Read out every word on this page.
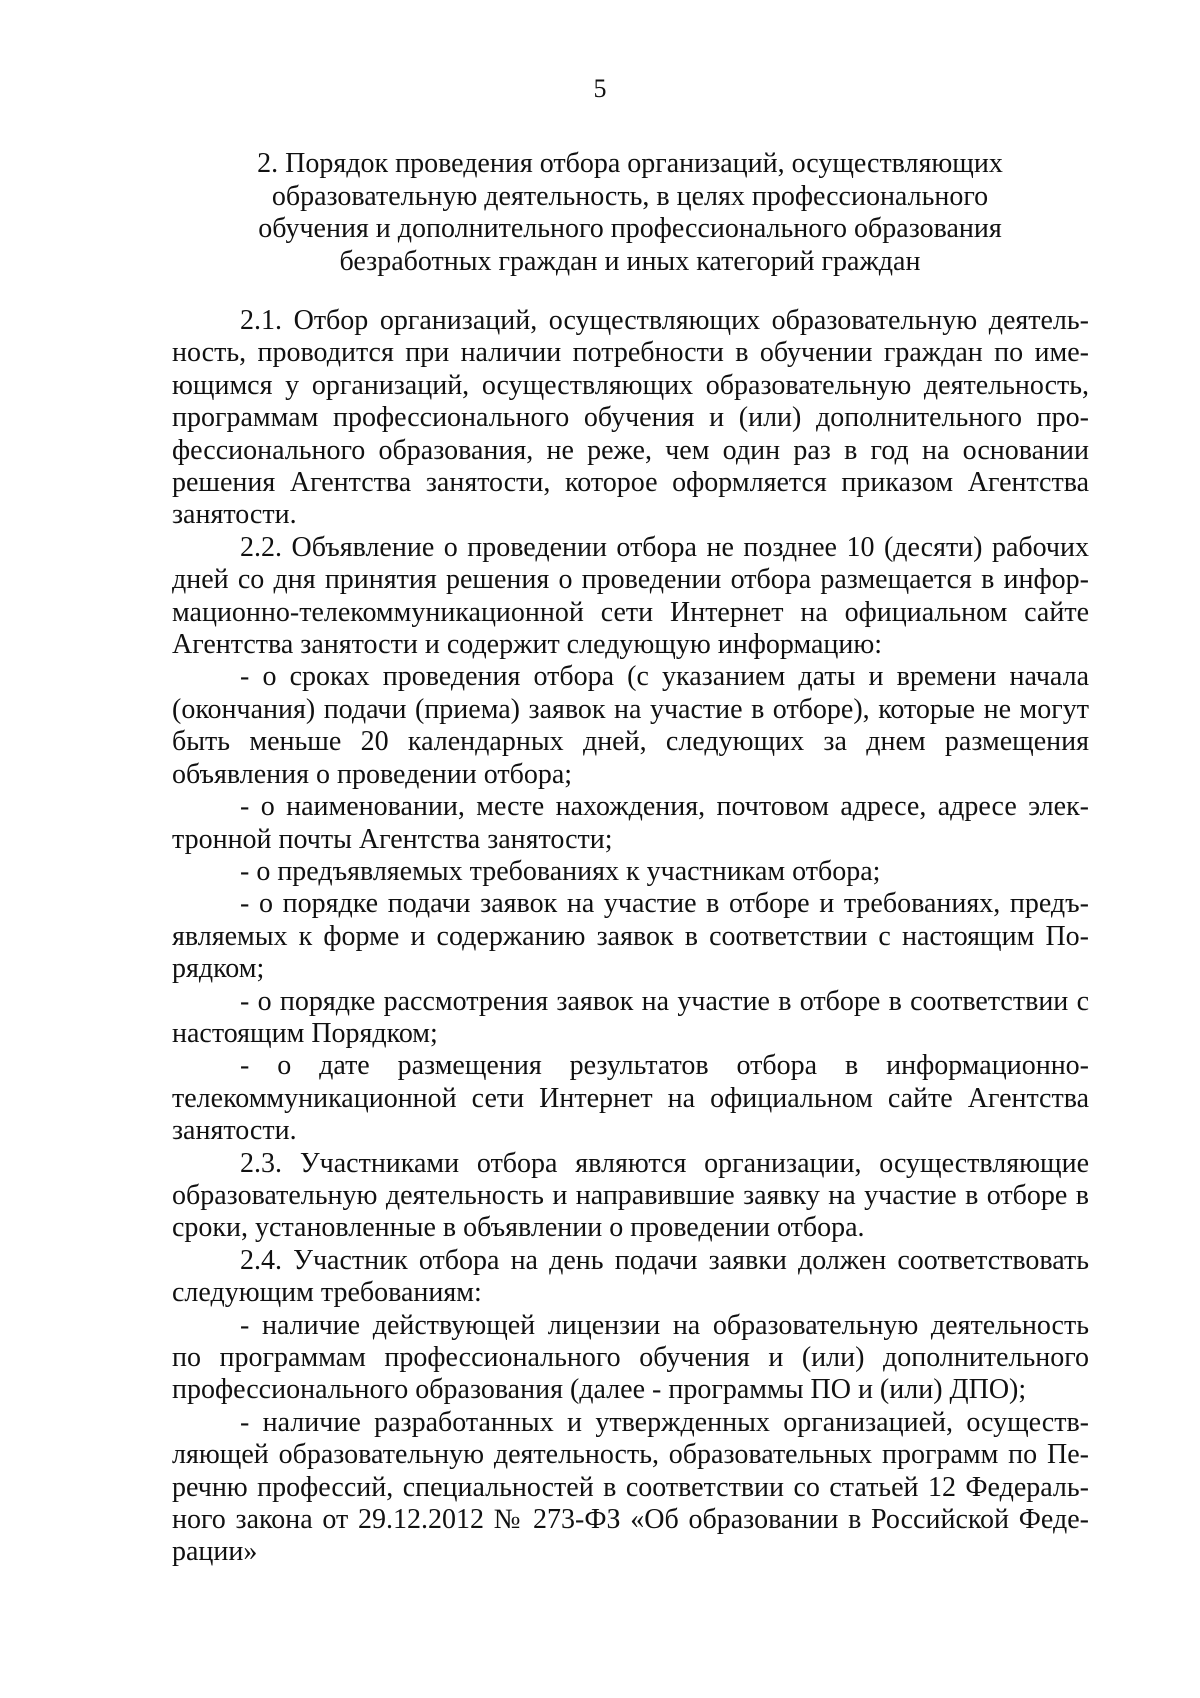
5
2. Порядок проведения отбора организаций, осуществляющих
образовательную деятельность, в целях профессионального
обучения и дополнительного профессионального образования
безработных граждан и иных категорий граждан

2.1. Отбор организаций, осуществляющих образовательную деятельность, проводится при наличии потребности в обучении граждан по имеющимся у организаций, осуществляющих образовательную деятельность, программам профессионального обучения и (или) дополнительного профессионального образования, не реже, чем один раз в год на основании решения Агентства занятости, которое оформляется приказом Агентства занятости.

2.2. Объявление о проведении отбора не позднее 10 (десяти) рабочих дней со дня принятия решения о проведении отбора размещается в информационно-телекоммуникационной сети Интернет на официальном сайте Агентства занятости и содержит следующую информацию:

- о сроках проведения отбора (с указанием даты и времени начала (окончания) подачи (приема) заявок на участие в отборе), которые не могут быть меньше 20 календарных дней, следующих за днем размещения объявления о проведении отбора;

- о наименовании, месте нахождения, почтовом адресе, адресе электронной почты Агентства занятости;

- о предъявляемых требованиях к участникам отбора;

- о порядке подачи заявок на участие в отборе и требованиях, предъявляемых к форме и содержанию заявок в соответствии с настоящим Порядком;

- о порядке рассмотрения заявок на участие в отборе в соответствии с настоящим Порядком;

- о дате размещения результатов отбора в информационно-телекоммуникационной сети Интернет на официальном сайте Агентства занятости.

2.3. Участниками отбора являются организации, осуществляющие образовательную деятельность и направившие заявку на участие в отборе в сроки, установленные в объявлении о проведении отбора.

2.4. Участник отбора на день подачи заявки должен соответствовать следующим требованиям:

- наличие действующей лицензии на образовательную деятельность по программам профессионального обучения и (или) дополнительного профессионального образования (далее - программы ПО и (или) ДПО);

- наличие разработанных и утвержденных организацией, осуществляющей образовательную деятельность, образовательных программ по Перечню профессий, специальностей в соответствии со статьей 12 Федерального закона от 29.12.2012 № 273-ФЗ «Об образовании в Российской Федерации»
